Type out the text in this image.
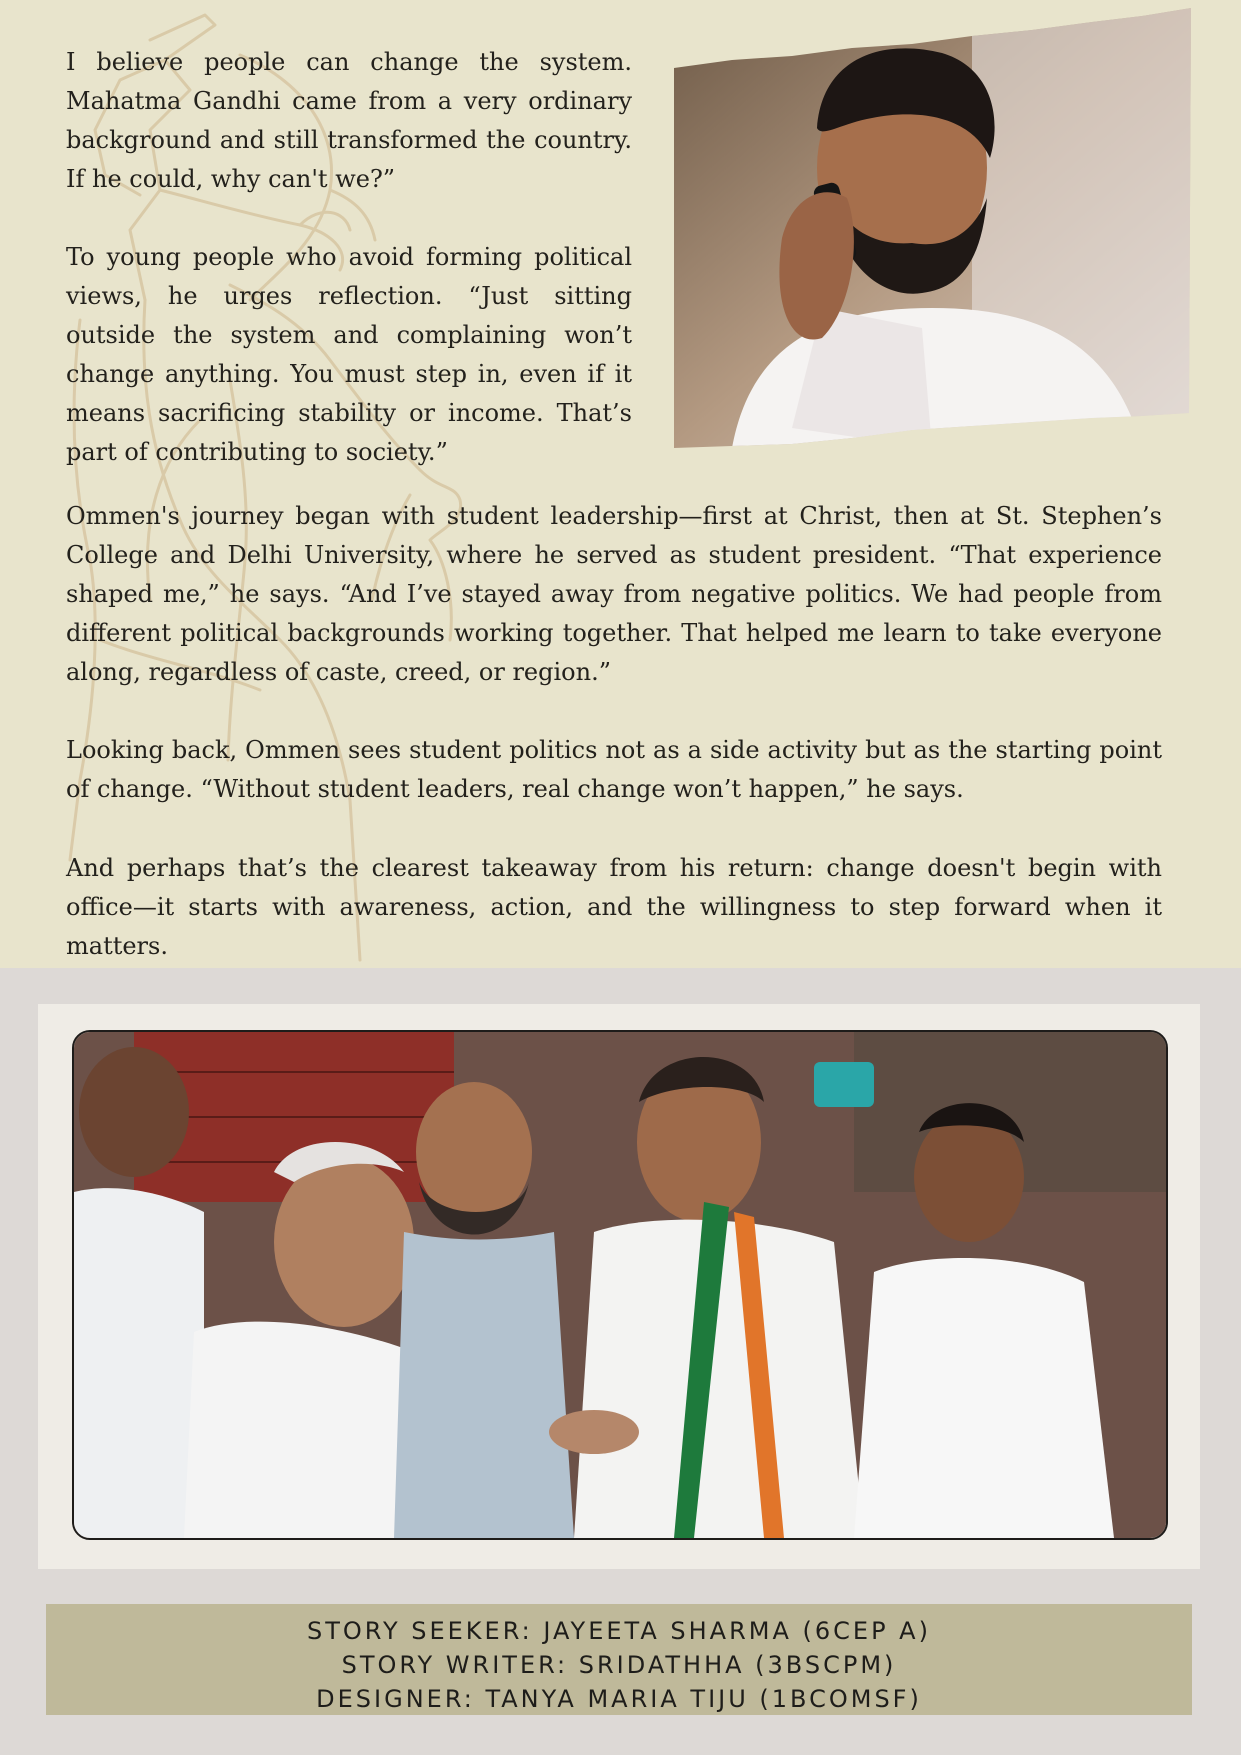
I believe people can change the system. Mahatma Gandhi came from a very ordinary background and still transformed the country. If he could, why can't we?”

To young people who avoid forming political views, he urges reflection. “Just sitting outside the system and complaining won’t change anything. You must step in, even if it means sacrificing stability or income. That’s part of contributing to society.”

Ommen's journey began with student leadership—first at Christ, then at St. Stephen’s College and Delhi University, where he served as student president. “That experience shaped me,” he says. “And I’ve stayed away from negative politics. We had people from different political backgrounds working together. That helped me learn to take everyone along, regardless of caste, creed, or region.”

Looking back, Ommen sees student politics not as a side activity but as the starting point of change. “Without student leaders, real change won’t happen,” he says.

And perhaps that’s the clearest takeaway from his return: change doesn't begin with office—it starts with awareness, action, and the willingness to step forward when it matters.

STORY SEEKER: JAYEETA SHARMA (6CEP A)
STORY WRITER: SRIDATHHA (3BSCPM)
DESIGNER: TANYA MARIA TIJU (1BCOMSF)
